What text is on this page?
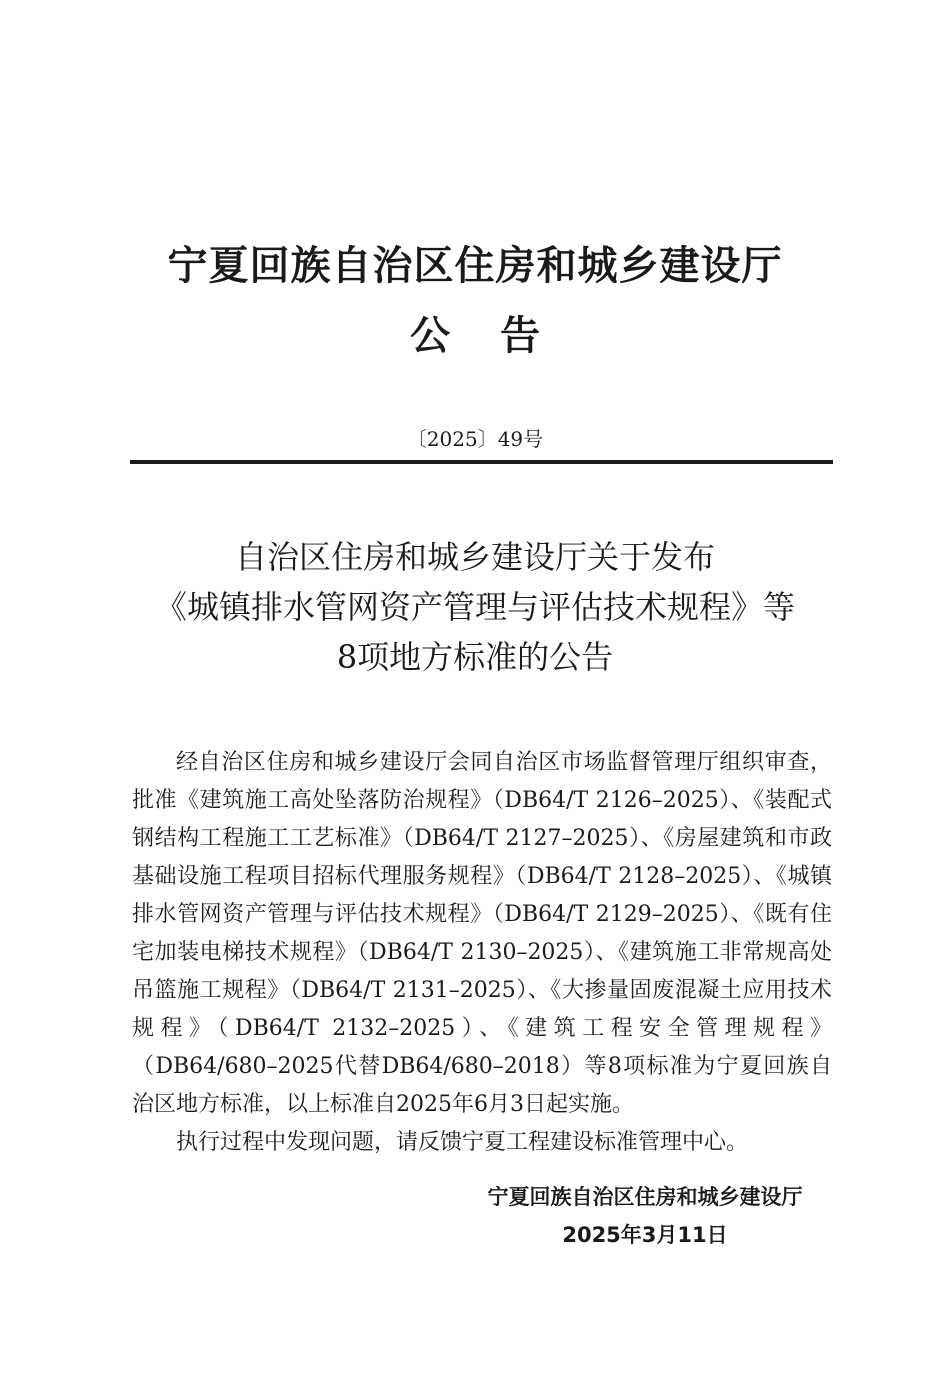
宁夏回族自治区住房和城乡建设厅
公告
〔2025〕49号
自治区住房和城乡建设厅关于发布
《城镇排水管网资产管理与评估技术规程》等
8项地方标准的公告

经自治区住房和城乡建设厅会同自治区市场监督管理厅组织审查，批准《建筑施工高处坠落防治规程》（DB64/T 2126–2025）、《装配式钢结构工程施工工艺标准》（DB64/T 2127–2025）、《房屋建筑和市政基础设施工程项目招标代理服务规程》（DB64/T 2128–2025）、《城镇排水管网资产管理与评估技术规程》（DB64/T 2129–2025）、《既有住宅加装电梯技术规程》（DB64/T 2130–2025）、《建筑施工非常规高处吊篮施工规程》（DB64/T 2131–2025）、《大掺量固废混凝土应用技术规程》（DB64/T 2132–2025）、《建筑工程安全管理规程》（DB64/680–2025代替DB64/680–2018）等8项标准为宁夏回族自治区地方标准，以上标准自2025年6月3日起实施。

执行过程中发现问题，请反馈宁夏工程建设标准管理中心。

宁夏回族自治区住房和城乡建设厅
2025年3月11日
